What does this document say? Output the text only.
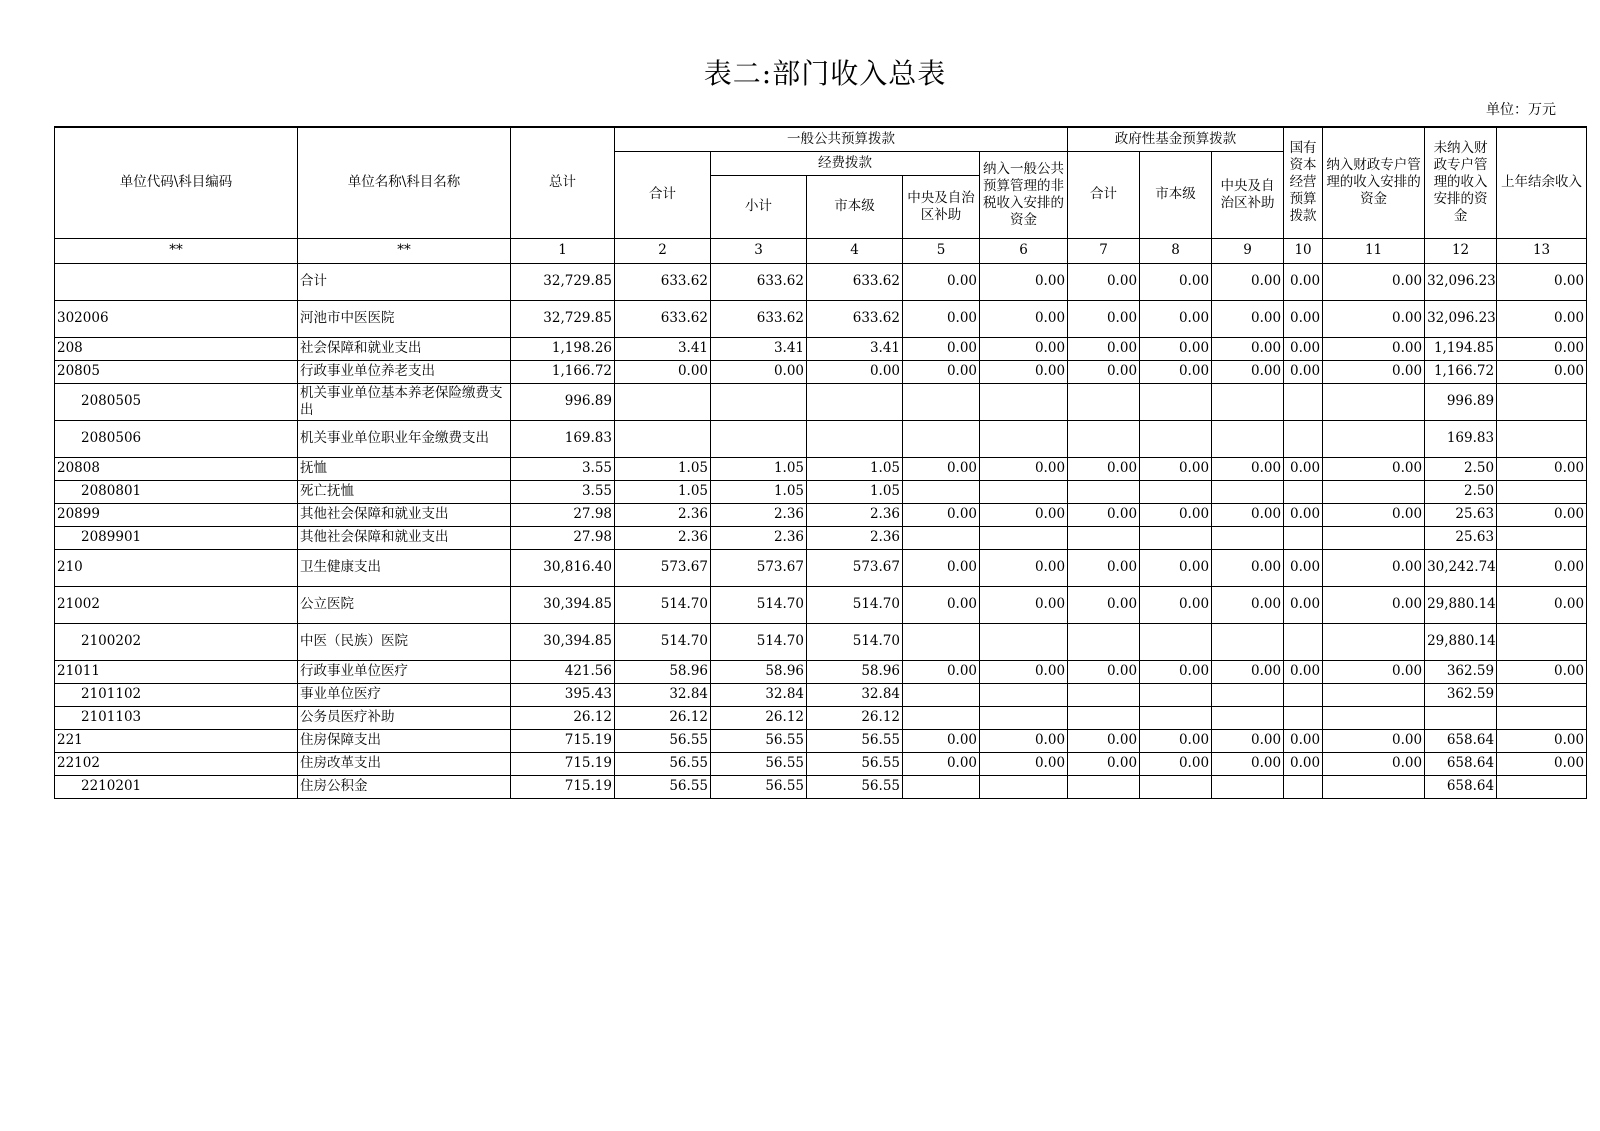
表二:部门收入总表
单位：万元
单位代码\科目编码	单位名称\科目名称	总计	一般公共预算拨款					政府性基金预算拨款			国有资本经营预算拨款	纳入财政专户管理的收入安排的资金	未纳入财政专户管理的收入安排的资金	上年结余收入
			合计	经费拨款			纳入一般公共预算管理的非税收入安排的资金	合计	市本级	中央及自治区补助				
				小计	市本级	中央及自治区补助								
**	**	1	2	3	4	5	6	7	8	9	10	11	12	13
	合计	32,729.85	633.62	633.62	633.62	0.00	0.00	0.00	0.00	0.00	0.00	0.00	32,096.23	0.00
302006	河池市中医医院	32,729.85	633.62	633.62	633.62	0.00	0.00	0.00	0.00	0.00	0.00	0.00	32,096.23	0.00
208	社会保障和就业支出	1,198.26	3.41	3.41	3.41	0.00	0.00	0.00	0.00	0.00	0.00	0.00	1,194.85	0.00
20805	行政事业单位养老支出	1,166.72	0.00	0.00	0.00	0.00	0.00	0.00	0.00	0.00	0.00	0.00	1,166.72	0.00
2080505	机关事业单位基本养老保险缴费支出	996.89											996.89	
2080506	机关事业单位职业年金缴费支出	169.83											169.83	
20808	抚恤	3.55	1.05	1.05	1.05	0.00	0.00	0.00	0.00	0.00	0.00	0.00	2.50	0.00
2080801	死亡抚恤	3.55	1.05	1.05	1.05								2.50	
20899	其他社会保障和就业支出	27.98	2.36	2.36	2.36	0.00	0.00	0.00	0.00	0.00	0.00	0.00	25.63	0.00
2089901	其他社会保障和就业支出	27.98	2.36	2.36	2.36								25.63	
210	卫生健康支出	30,816.40	573.67	573.67	573.67	0.00	0.00	0.00	0.00	0.00	0.00	0.00	30,242.74	0.00
21002	公立医院	30,394.85	514.70	514.70	514.70	0.00	0.00	0.00	0.00	0.00	0.00	0.00	29,880.14	0.00
2100202	中医（民族）医院	30,394.85	514.70	514.70	514.70								29,880.14	
21011	行政事业单位医疗	421.56	58.96	58.96	58.96	0.00	0.00	0.00	0.00	0.00	0.00	0.00	362.59	0.00
2101102	事业单位医疗	395.43	32.84	32.84	32.84								362.59	
2101103	公务员医疗补助	26.12	26.12	26.12	26.12									
221	住房保障支出	715.19	56.55	56.55	56.55	0.00	0.00	0.00	0.00	0.00	0.00	0.00	658.64	0.00
22102	住房改革支出	715.19	56.55	56.55	56.55	0.00	0.00	0.00	0.00	0.00	0.00	0.00	658.64	0.00
2210201	住房公积金	715.19	56.55	56.55	56.55								658.64	
